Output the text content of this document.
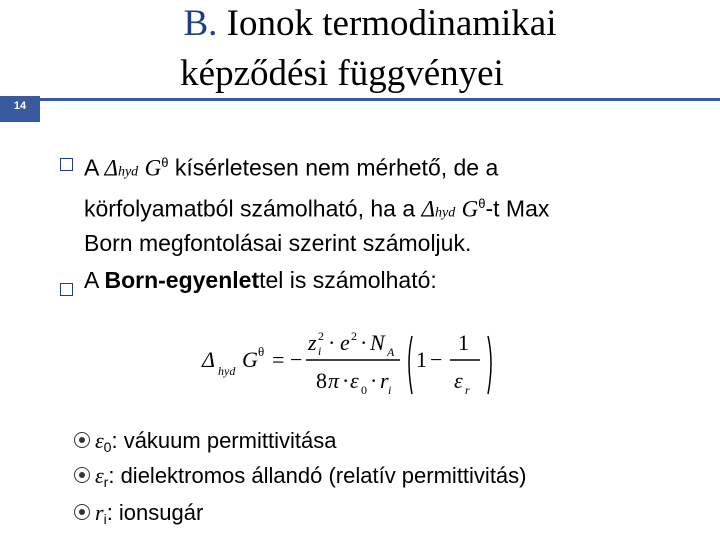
B. Ionok termodinamikai
képződési függvényei
14
A Δhyd $G^\theta$ kísérletesen nem mérhető, de a
körfolyamatból számolható, ha a Δhyd $G^\theta-t$ Max
Born megfontolásai szerint számoljuk.
A Born-egyenlettel is számolható:
Δ hyd G θ = −
z i
2 · e 2 · N A
8 π · ε 0 · r i
1 −
1
ε r
ε0: vákuum permittivitása
εr: dielektromos állandó (relatív permittivitás)
ri: ionsugár
